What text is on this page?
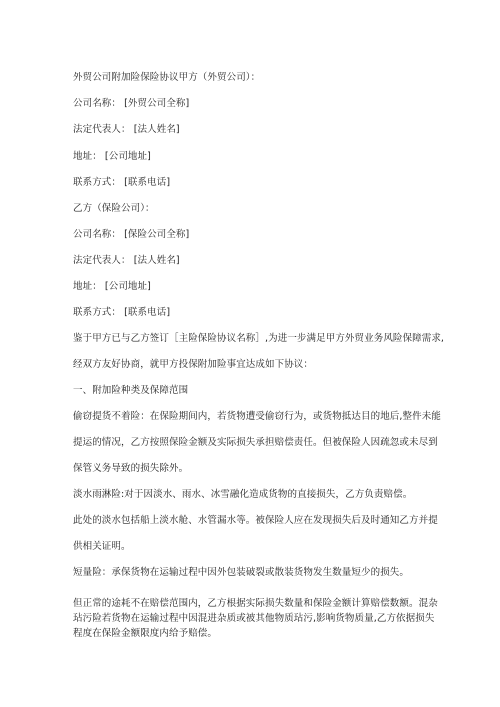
外贸公司附加险保险协议甲方（外贸公司）：
公司名称： [外贸公司全称]
法定代表人： [法人姓名]
地址： [公司地址]
联系方式： [联系电话]
乙方（保险公司）：
公司名称： [保险公司全称]
法定代表人： [法人姓名]
地址： [公司地址]
联系方式： [联系电话]
鉴于甲方已与乙方签订［主险保险协议名称］,为进一步满足甲方外贸业务风险保障需求,
经双方友好协商，就甲方投保附加险事宜达成如下协议：
一、附加险种类及保障范围
偷窃提货不着险：在保险期间内，若货物遭受偷窃行为，或货物抵达目的地后,整件未能
提运的情况，乙方按照保险金额及实际损失承担赔偿责任。但被保险人因疏忽或未尽到
保管义务导致的损失除外。
淡水雨淋险:对于因淡水、雨水、冰雪融化造成货物的直接损失，乙方负责赔偿。
此处的淡水包括船上淡水舱、水管漏水等。被保险人应在发现损失后及时通知乙方并提
供相关证明。
短量险：承保货物在运输过程中因外包装破裂或散装货物发生数量短少的损失。
但正常的途耗不在赔偿范围内，乙方根据实际损失数量和保险金额计算赔偿数额。混杂
玷污险若货物在运输过程中因混进杂质或被其他物质玷污,影响货物质量,乙方依据损失
程度在保险金额限度内给予赔偿。
